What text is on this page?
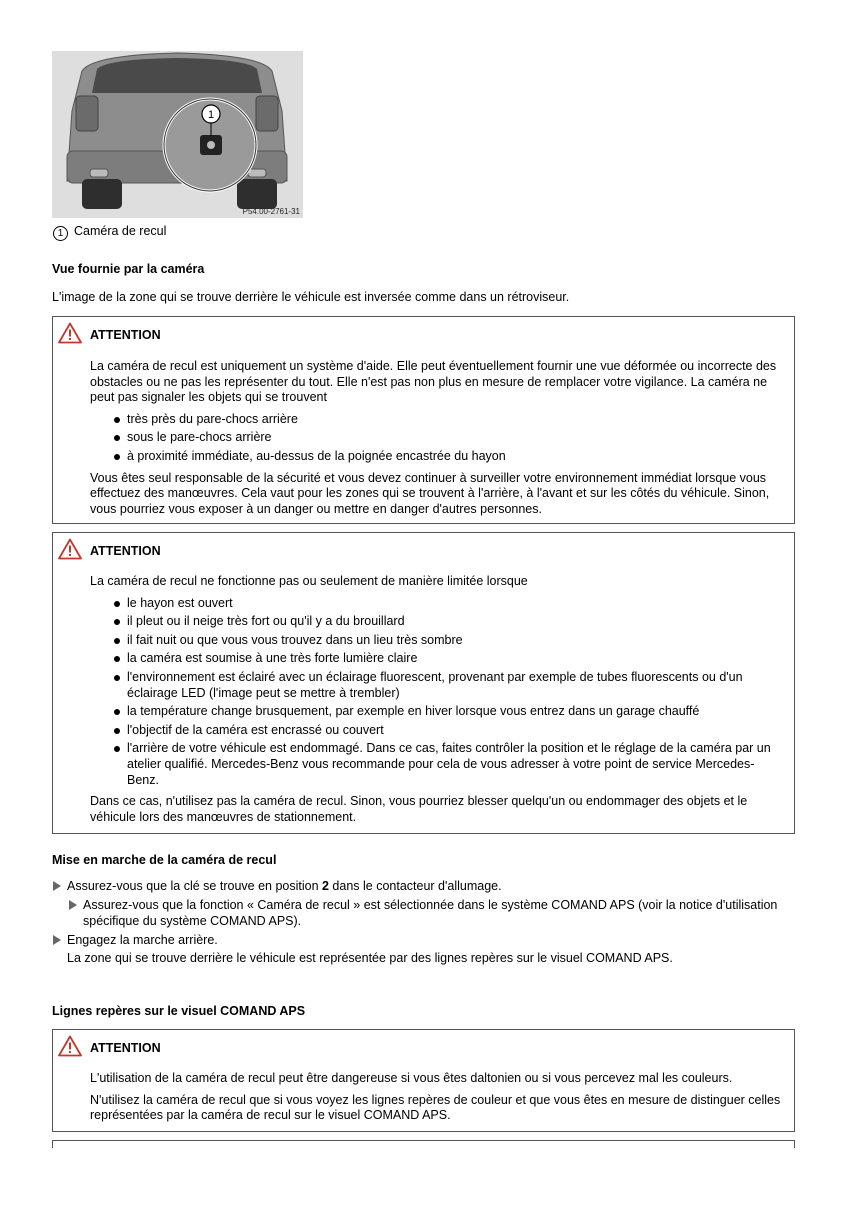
1
P54.00-2761-31
1 Caméra de recul
Vue fournie par la caméra
L'image de la zone qui se trouve derrière le véhicule est inversée comme dans un rétroviseur.
ATTENTION

La caméra de recul est uniquement un système d'aide. Elle peut éventuellement fournir une vue déformée ou incorrecte des obstacles ou ne pas les représenter du tout. Elle n'est pas non plus en mesure de remplacer votre vigilance. La caméra ne peut pas signaler les objets qui se trouvent

très près du pare-chocs arrière
sous le pare-chocs arrière
à proximité immédiate, au-dessus de la poignée encastrée du hayon

Vous êtes seul responsable de la sécurité et vous devez continuer à surveiller votre environnement immédiat lorsque vous effectuez des manœuvres. Cela vaut pour les zones qui se trouvent à l'arrière, à l'avant et sur les côtés du véhicule. Sinon, vous pourriez vous exposer à un danger ou mettre en danger d'autres personnes.

ATTENTION

La caméra de recul ne fonctionne pas ou seulement de manière limitée lorsque

le hayon est ouvert
il pleut ou il neige très fort ou qu'il y a du brouillard
il fait nuit ou que vous vous trouvez dans un lieu très sombre
la caméra est soumise à une très forte lumière claire
l'environnement est éclairé avec un éclairage fluorescent, provenant par exemple de tubes fluorescents ou d'un éclairage LED (l'image peut se mettre à trembler)
la température change brusquement, par exemple en hiver lorsque vous entrez dans un garage chauffé
l'objectif de la caméra est encrassé ou couvert
l'arrière de votre véhicule est endommagé. Dans ce cas, faites contrôler la position et le réglage de la caméra par un atelier qualifié. Mercedes-Benz vous recommande pour cela de vous adresser à votre point de service Mercedes-Benz.

Dans ce cas, n'utilisez pas la caméra de recul. Sinon, vous pourriez blesser quelqu'un ou endommager des objets et le véhicule lors des manœuvres de stationnement.

Mise en marche de la caméra de recul
Assurez-vous que la clé se trouve en position 2 dans le contacteur d'allumage.
Assurez-vous que la fonction « Caméra de recul » est sélectionnée dans le système COMAND APS (voir la notice d'utilisation spécifique du système COMAND APS).
Engagez la marche arrière.
La zone qui se trouve derrière le véhicule est représentée par des lignes repères sur le visuel COMAND APS.
Lignes repères sur le visuel COMAND APS
ATTENTION

L'utilisation de la caméra de recul peut être dangereuse si vous êtes daltonien ou si vous percevez mal les couleurs.

N'utilisez la caméra de recul que si vous voyez les lignes repères de couleur et que vous êtes en mesure de distinguer celles représentées par la caméra de recul sur le visuel COMAND APS.
